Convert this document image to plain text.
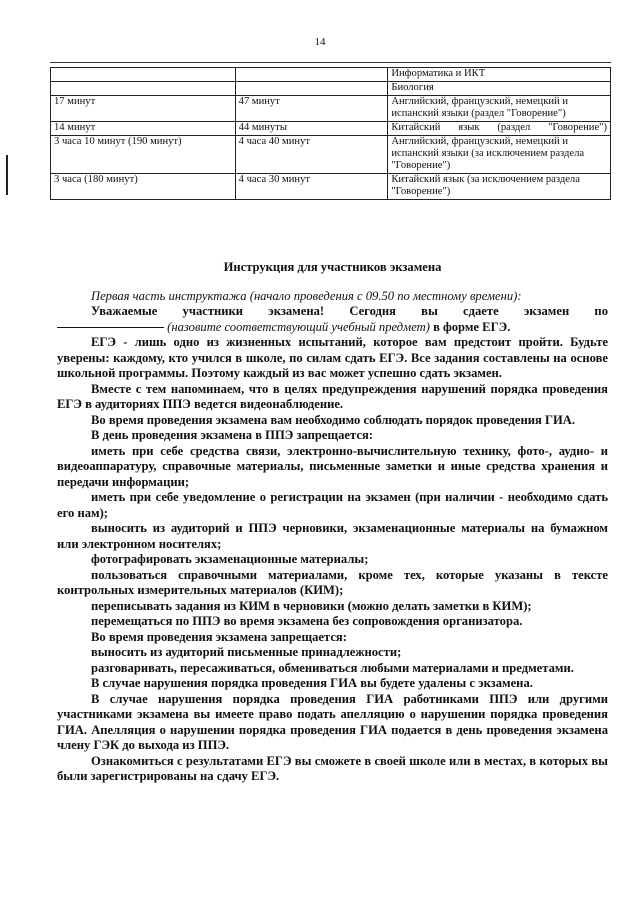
14
		Информатика и ИКТ
		Биология
17 минут	47 минут	Английский, французский, немецкий и испанский языки (раздел "Говорение")
14 минут	44 минуты	Китайский язык (раздел "Говорение")
3 часа 10 минут (190 минут)	4 часа 40 минут	Английский, французский, немецкий и испанский языки (за исключением раздела "Говорение")
3 часа (180 минут)	4 часа 30 минут	Китайский язык (за исключением раздела "Говорение")
Инструкция для участников экзамена

Первая часть инструктажа (начало проведения с 09.50 по местному времени):

Уважаемые участники экзамена! Сегодня вы сдаете экзамен по

(назовите соответствующий учебный предмет) в форме ЕГЭ.

ЕГЭ - лишь одно из жизненных испытаний, которое вам предстоит пройти. Будьте уверены: каждому, кто учился в школе, по силам сдать ЕГЭ. Все задания составлены на основе школьной программы. Поэтому каждый из вас может успешно сдать экзамен.

Вместе с тем напоминаем, что в целях предупреждения нарушений порядка проведения ЕГЭ в аудиториях ППЭ ведется видеонаблюдение.

Во время проведения экзамена вам необходимо соблюдать порядок проведения ГИА.

В день проведения экзамена в ППЭ запрещается:

иметь при себе средства связи, электронно-вычислительную технику, фото-, аудио- и видеоаппаратуру, справочные материалы, письменные заметки и иные средства хранения и передачи информации;

иметь при себе уведомление о регистрации на экзамен (при наличии - необходимо сдать его нам);

выносить из аудиторий и ППЭ черновики, экзаменационные материалы на бумажном или электронном носителях;

фотографировать экзаменационные материалы;

пользоваться справочными материалами, кроме тех, которые указаны в тексте контрольных измерительных материалов (КИМ);

переписывать задания из КИМ в черновики (можно делать заметки в КИМ);

перемещаться по ППЭ во время экзамена без сопровождения организатора.

Во время проведения экзамена запрещается:

выносить из аудиторий письменные принадлежности;

разговаривать, пересаживаться, обмениваться любыми материалами и предметами.

В случае нарушения порядка проведения ГИА вы будете удалены с экзамена.

В случае нарушения порядка проведения ГИА работниками ППЭ или другими участниками экзамена вы имеете право подать апелляцию о нарушении порядка проведения ГИА. Апелляция о нарушении порядка проведения ГИА подается в день проведения экзамена члену ГЭК до выхода из ППЭ.

Ознакомиться с результатами ЕГЭ вы сможете в своей школе или в местах, в которых вы были зарегистрированы на сдачу ЕГЭ.
